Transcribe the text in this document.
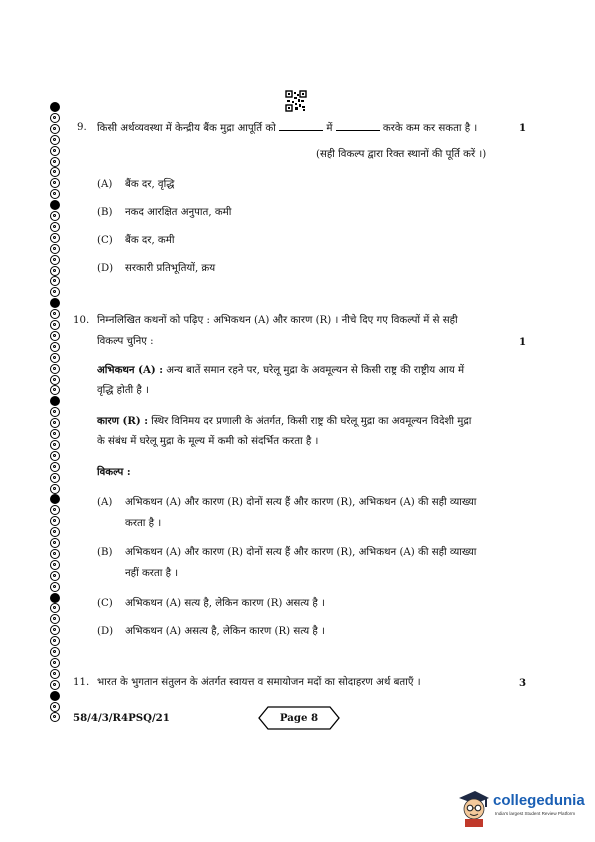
9. किसी अर्थव्यवस्था में केन्द्रीय बैंक मुद्रा आपूर्ति को	में	करके कम कर सकता है ।	1
(सही विकल्प द्वारा रिक्त स्थानों की पूर्ति करें ।)
(A) बैंक दर, वृद्धि
(B) नकद आरक्षित अनुपात, कमी
(C) बैंक दर, कमी
(D) सरकारी प्रतिभूतियों, क्रय
10. निम्नलिखित कथनों को पढ़िए : अभिकथन (A) और कारण (R) । नीचे दिए गए विकल्पों में से सही
विकल्प चुनिए :	1
अभिकथन (A) : अन्य बातें समान रहने पर, घरेलू मुद्रा के अवमूल्यन से किसी राष्ट्र की राष्ट्रीय आय में
वृद्धि होती है ।
कारण (R) : स्थिर विनिमय दर प्रणाली के अंतर्गत, किसी राष्ट्र की घरेलू मुद्रा का अवमूल्यन विदेशी मुद्रा
के संबंध में घरेलू मुद्रा के मूल्य में कमी को संदर्भित करता है ।
विकल्प :
(A) अभिकथन (A) और कारण (R) दोनों सत्य हैं और कारण (R), अभिकथन (A) की सही व्याख्या
करता है ।
(B) अभिकथन (A) और कारण (R) दोनों सत्य हैं और कारण (R), अभिकथन (A) की सही व्याख्या
नहीं करता है ।
(C) अभिकथन (A) सत्य है, लेकिन कारण (R) असत्य है ।
(D) अभिकथन (A) असत्य है, लेकिन कारण (R) सत्य है ।
11. भारत के भुगतान संतुलन के अंतर्गत स्वायत्त व समायोजन मदों का सोदाहरण अर्थ बताएँ ।	3
58/4/3/R4PSQ/21	Page 8
collegedunia
India's largest Student Review Platform
